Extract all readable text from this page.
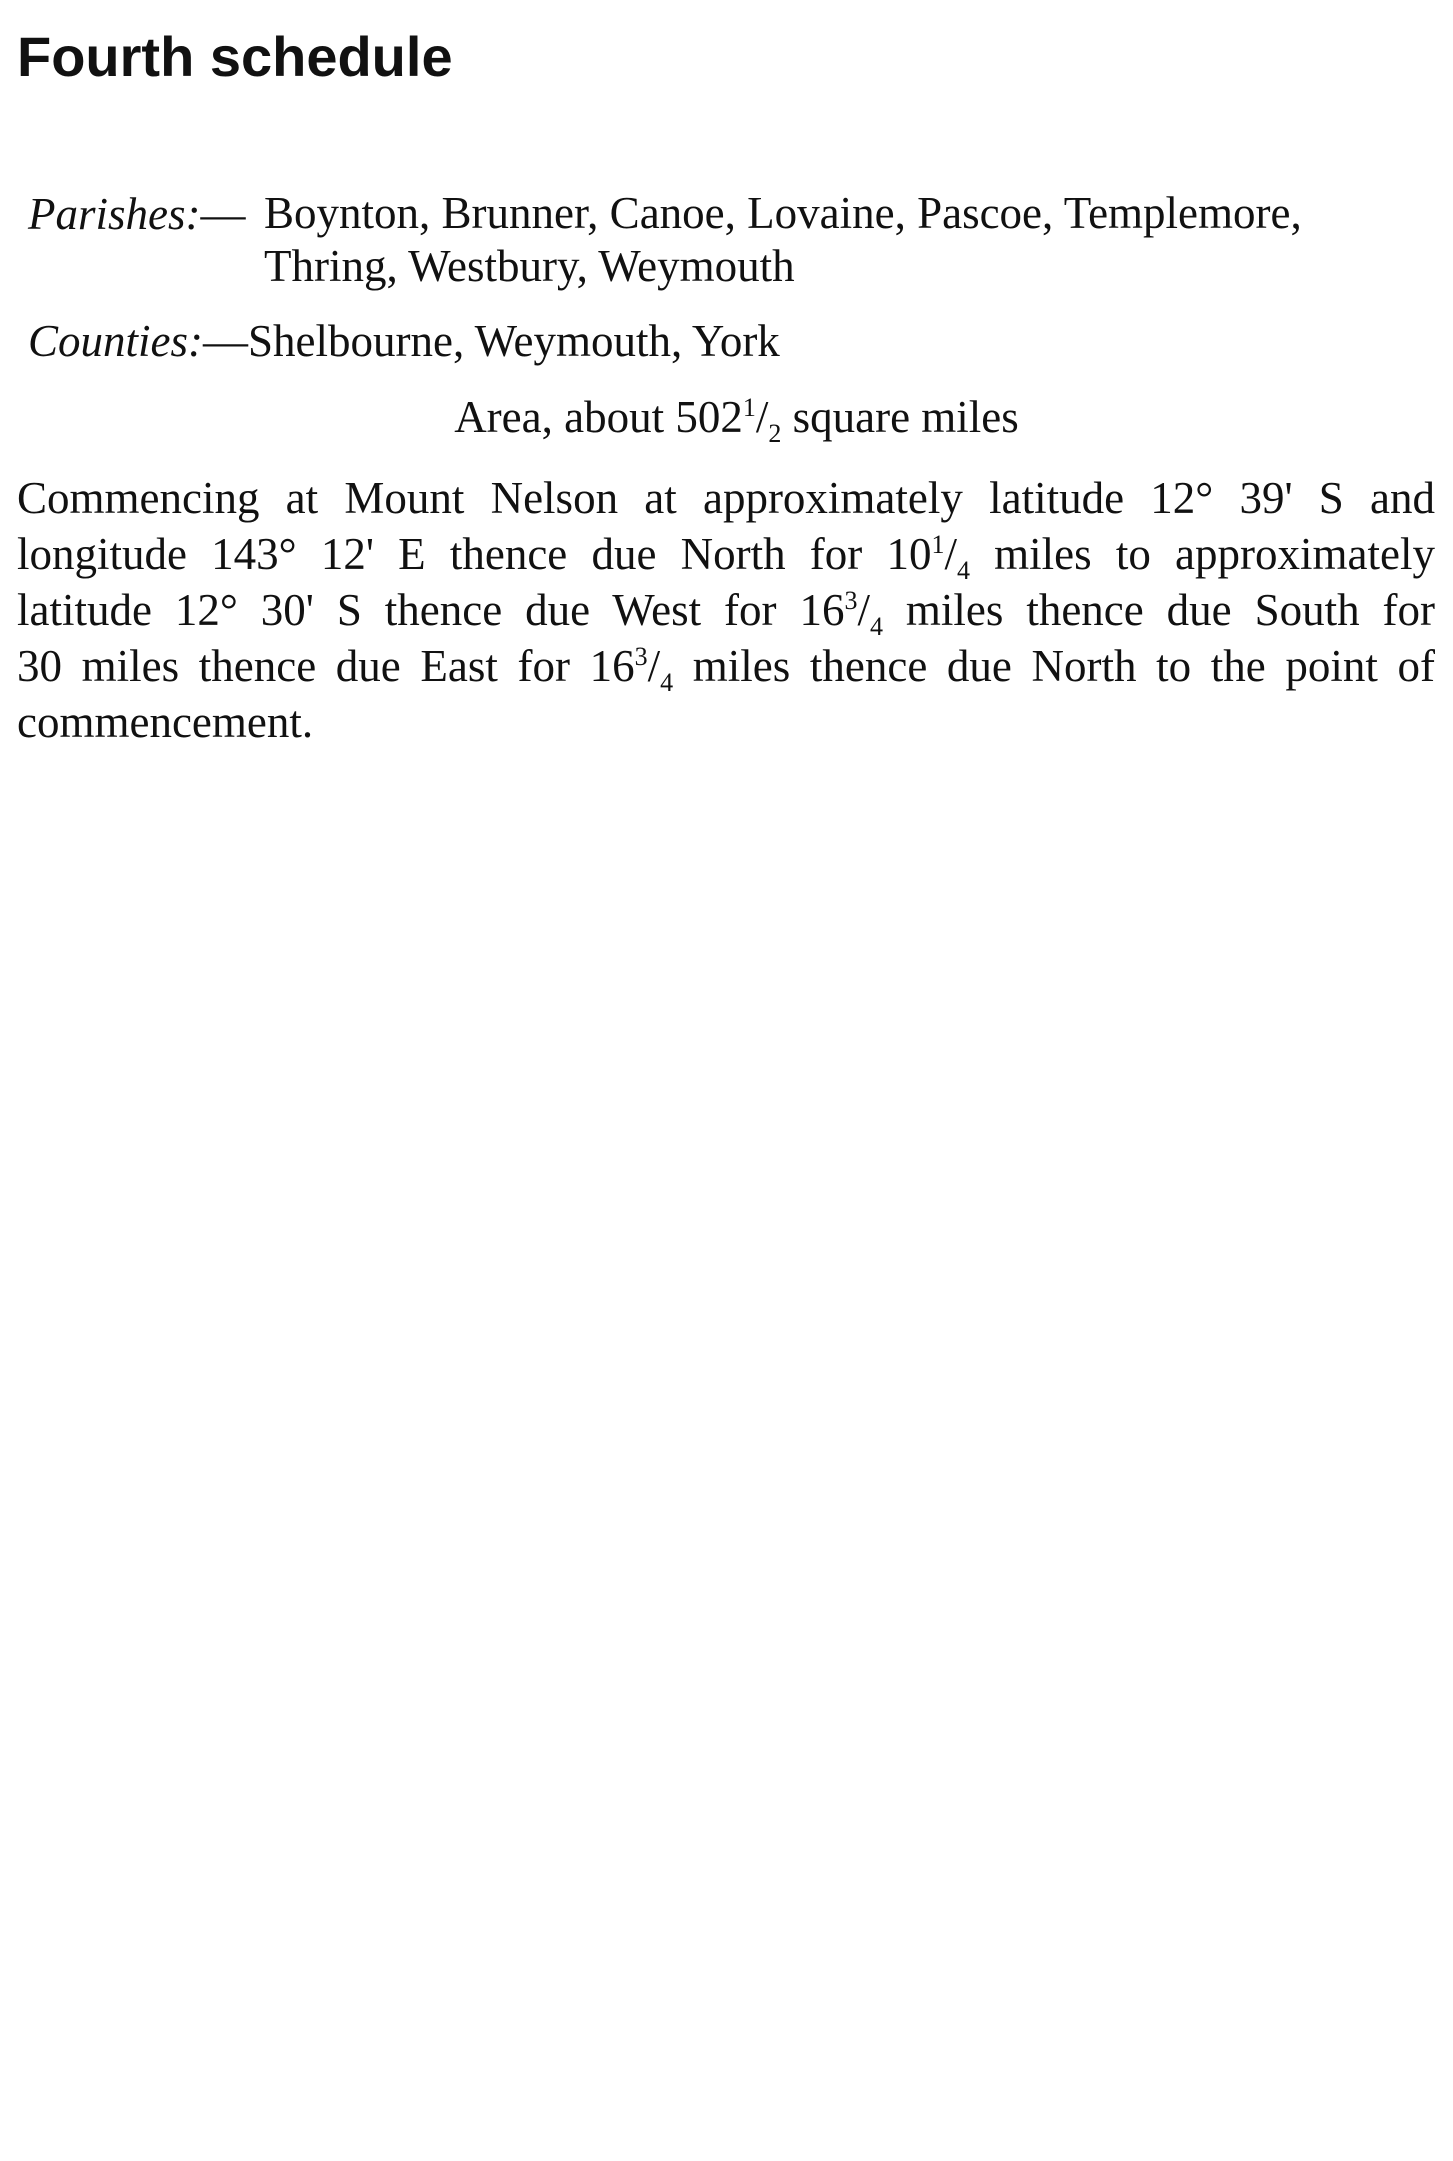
Fourth schedule
Parishes:— Boynton, Brunner, Canoe, Lovaine, Pascoe, Templemore,
Thring, Westbury, Weymouth
Counties:—Shelbourne, Weymouth, York
Area, about $502^1/_2$ square miles
Commencing at Mount Nelson at approximately latitude 12° 39' S and
longitude 143° 12' E thence due North for $10^1/_4$ miles to approximately
latitude 12° 30' S thence due West for $16^3/_4$ miles thence due South for
30 miles thence due East for $16^3/_4$ miles thence due North to the point of
commencement.
